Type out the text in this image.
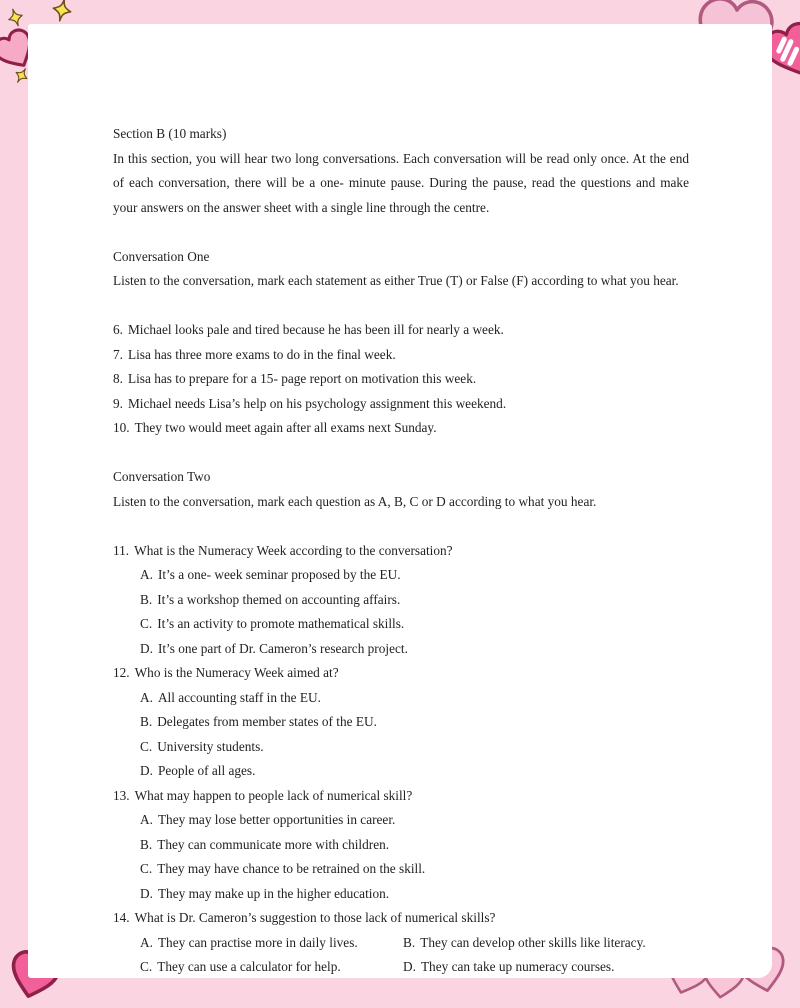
Section B (10 marks)
In this section, you will hear two long conversations. Each conversation will be read only once. At the end
of each conversation, there will be a one- minute pause. During the pause, read the questions and make
your answers on the answer sheet with a single line through the centre.
Conversation One
Listen to the conversation, mark each statement as either True (T) or False (F) according to what you hear.
6. Michael looks pale and tired because he has been ill for nearly a week.
7. Lisa has three more exams to do in the final week.
8. Lisa has to prepare for a 15- page report on motivation this week.
9. Michael needs Lisa’s help on his psychology assignment this weekend.
10. They two would meet again after all exams next Sunday.
Conversation Two
Listen to the conversation, mark each question as A, B, C or D according to what you hear.
11. What is the Numeracy Week according to the conversation?
A. It’s a one- week seminar proposed by the EU.
B. It’s a workshop themed on accounting affairs.
C. It’s an activity to promote mathematical skills.
D. It’s one part of Dr. Cameron’s research project.
12. Who is the Numeracy Week aimed at?
A. All accounting staff in the EU.
B. Delegates from member states of the EU.
C. University students.
D. People of all ages.
13. What may happen to people lack of numerical skill?
A. They may lose better opportunities in career.
B. They can communicate more with children.
C. They may have chance to be retrained on the skill.
D. They may make up in the higher education.
14. What is Dr. Cameron’s suggestion to those lack of numerical skills?
A. They can practise more in daily lives.	B. They can develop other skills like literacy.
C. They can use a calculator for help.	D. They can take up numeracy courses.
